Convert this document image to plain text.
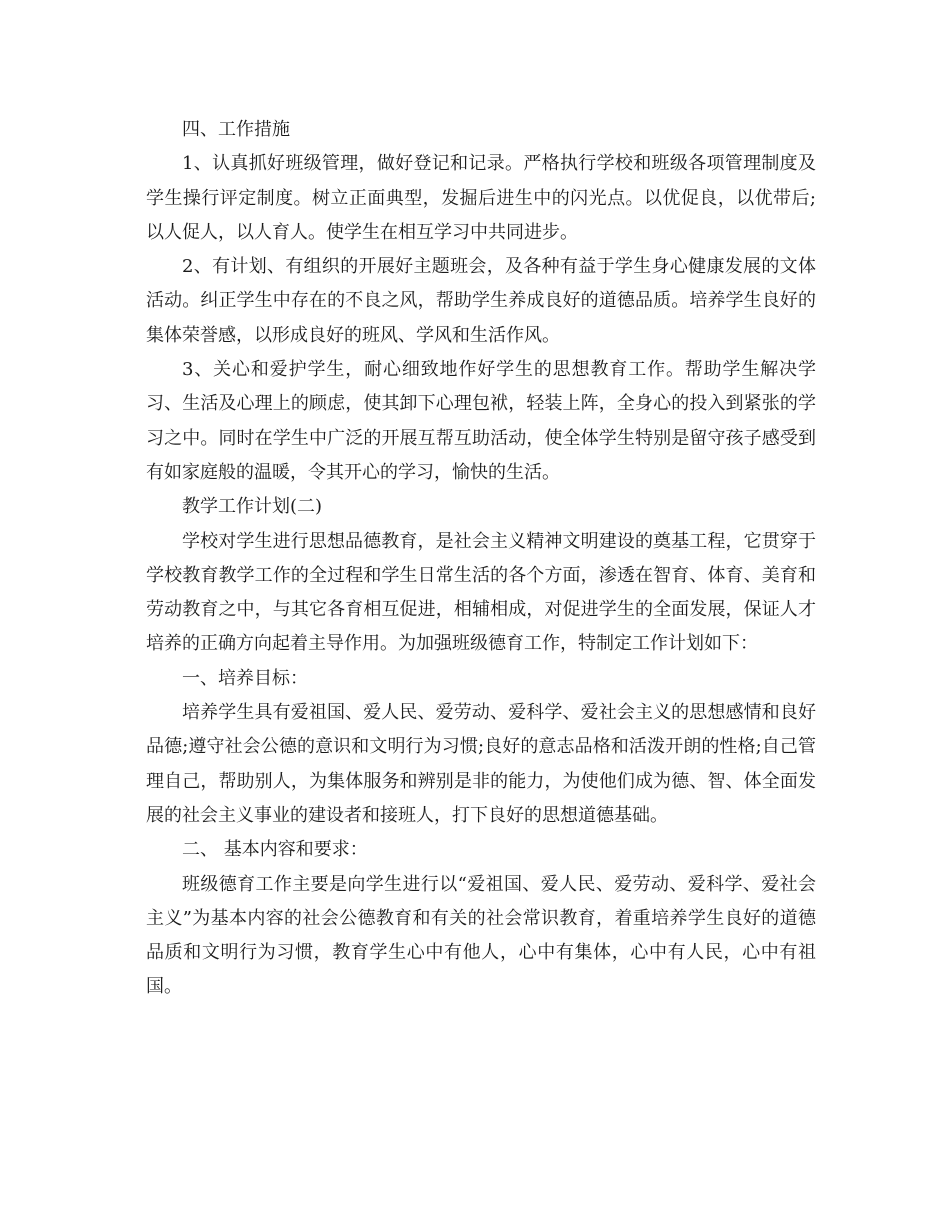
四、工作措施

1、认真抓好班级管理，做好登记和记录。严格执行学校和班级各项管理制度及学生操行评定制度。树立正面典型，发掘后进生中的闪光点。以优促良，以优带后;以人促人，以人育人。使学生在相互学习中共同进步。

2、有计划、有组织的开展好主题班会，及各种有益于学生身心健康发展的文体活动。纠正学生中存在的不良之风，帮助学生养成良好的道德品质。培养学生良好的集体荣誉感，以形成良好的班风、学风和生活作风。

3、关心和爱护学生，耐心细致地作好学生的思想教育工作。帮助学生解决学习、生活及心理上的顾虑，使其卸下心理包袱，轻装上阵，全身心的投入到紧张的学习之中。同时在学生中广泛的开展互帮互助活动，使全体学生特别是留守孩子感受到有如家庭般的温暖，令其开心的学习，愉快的生活。

教学工作计划(二)

学校对学生进行思想品德教育，是社会主义精神文明建设的奠基工程，它贯穿于学校教育教学工作的全过程和学生日常生活的各个方面，渗透在智育、体育、美育和劳动教育之中，与其它各育相互促进，相辅相成，对促进学生的全面发展，保证人才培养的正确方向起着主导作用。为加强班级德育工作，特制定工作计划如下：

一、培养目标：

培养学生具有爱祖国、爱人民、爱劳动、爱科学、爱社会主义的思想感情和良好品德;遵守社会公德的意识和文明行为习惯;良好的意志品格和活泼开朗的性格;自己管理自己，帮助别人，为集体服务和辨别是非的能力，为使他们成为德、智、体全面发展的社会主义事业的建设者和接班人，打下良好的思想道德基础。

二、 基本内容和要求：

班级德育工作主要是向学生进行以“爱祖国、爱人民、爱劳动、爱科学、爱社会主义”为基本内容的社会公德教育和有关的社会常识教育，着重培养学生良好的道德品质和文明行为习惯，教育学生心中有他人，心中有集体，心中有人民，心中有祖国。
